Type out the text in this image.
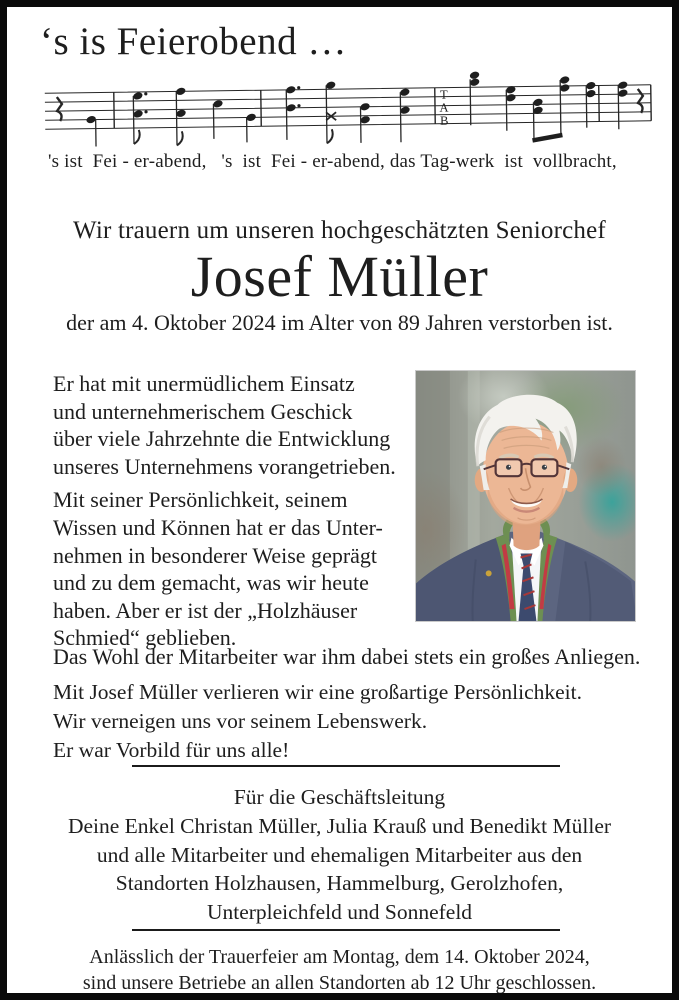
‘s is Feierobend …
T
A
B
's ist  Fei - er-abend,   's  ist  Fei - er-abend, das Tag-werk  ist  vollbracht,
Wir trauern um unseren hochgeschätzten Seniorchef
Josef Müller
der am 4. Oktober 2024 im Alter von 89 Jahren verstorben ist.
Er hat mit unermüdlichem Einsatz
und unternehmerischem Geschick
über viele Jahrzehnte die Entwicklung
unseres Unternehmens vorangetrieben.
Mit seiner Persönlichkeit, seinem
Wissen und Können hat er das Unter-
nehmen in besonderer Weise geprägt
und zu dem gemacht, was wir heute
haben. Aber er ist der „Holzhäuser
Schmied“ geblieben.
Das Wohl der Mitarbeiter war ihm dabei stets ein großes Anliegen.
Mit Josef Müller verlieren wir eine großartige Persönlichkeit.
Wir verneigen uns vor seinem Lebenswerk.
Er war Vorbild für uns alle!
Für die Geschäftsleitung
Deine Enkel Christan Müller, Julia Krauß und Benedikt Müller
und alle Mitarbeiter und ehemaligen Mitarbeiter aus den
Standorten Holzhausen, Hammelburg, Gerolzhofen,
Unterpleichfeld und Sonnefeld
Anlässlich der Trauerfeier am Montag, dem 14. Oktober 2024,
sind unsere Betriebe an allen Standorten ab 12 Uhr geschlossen.
